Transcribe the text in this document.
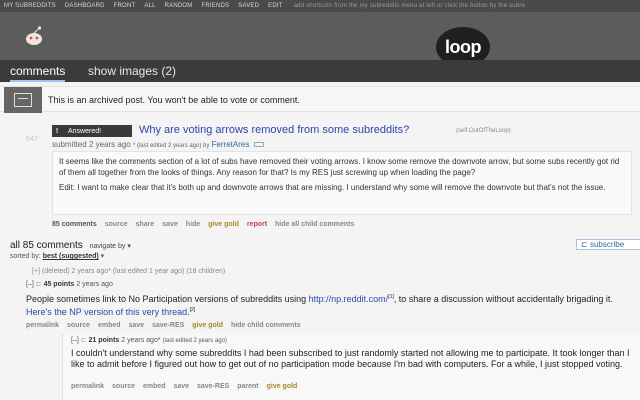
MY SUBREDDITS DASHBOARD FRONT ALL RANDOM FRIENDS SAVED EDIT add shortcuts from the my subreddits menu at left or click the button by the subre
loop
comments show images (2)
This is an archived post. You won't be able to vote or comment.
647
!	Answered!	Why are voting arrows removed from some subreddits?	(self.OutOfTheLoop)
submitted 2 years ago * (last edited 2 years ago) by FerretAres

It seems like the comments section of a lot of subs have removed their voting arrows. I know some remove the downvote arrow, but some subs recently got rid of them all together from the looks of things. Any reason for that? Is my RES just screwing up when loading the page?

Edit: I want to make clear that it's both up and downvote arrows that are missing. I understand why some will remove the downvote but that's not the issue.

85 comments source share save hide give gold report hide all child comments
all 85 comments navigate by ▾	⊏ subscribe
sorted by: best (suggested) ▾
[+] (deleted) 2 years ago* (last edited 1 year ago) (18 children)
[–] ⊏ 45 points 2 years ago
People sometimes link to No Participation versions of subreddits using http://np.reddit.com/[1], to share a discussion without accidentally brigading it. Here's the NP version of this very thread.[2]
permalink source embed save save-RES give gold hide child comments
[–] ⊏ 21 points 2 years ago* (last edited 2 years ago)
I couldn't understand why some subreddits I had been subscribed to just randomly started not allowing me to participate. It took longer than I like to admit before I figured out how to get out of no participation mode because I'm bad with computers. For a while, I just stopped voting.
permalink source embed save save-RES parent give gold
